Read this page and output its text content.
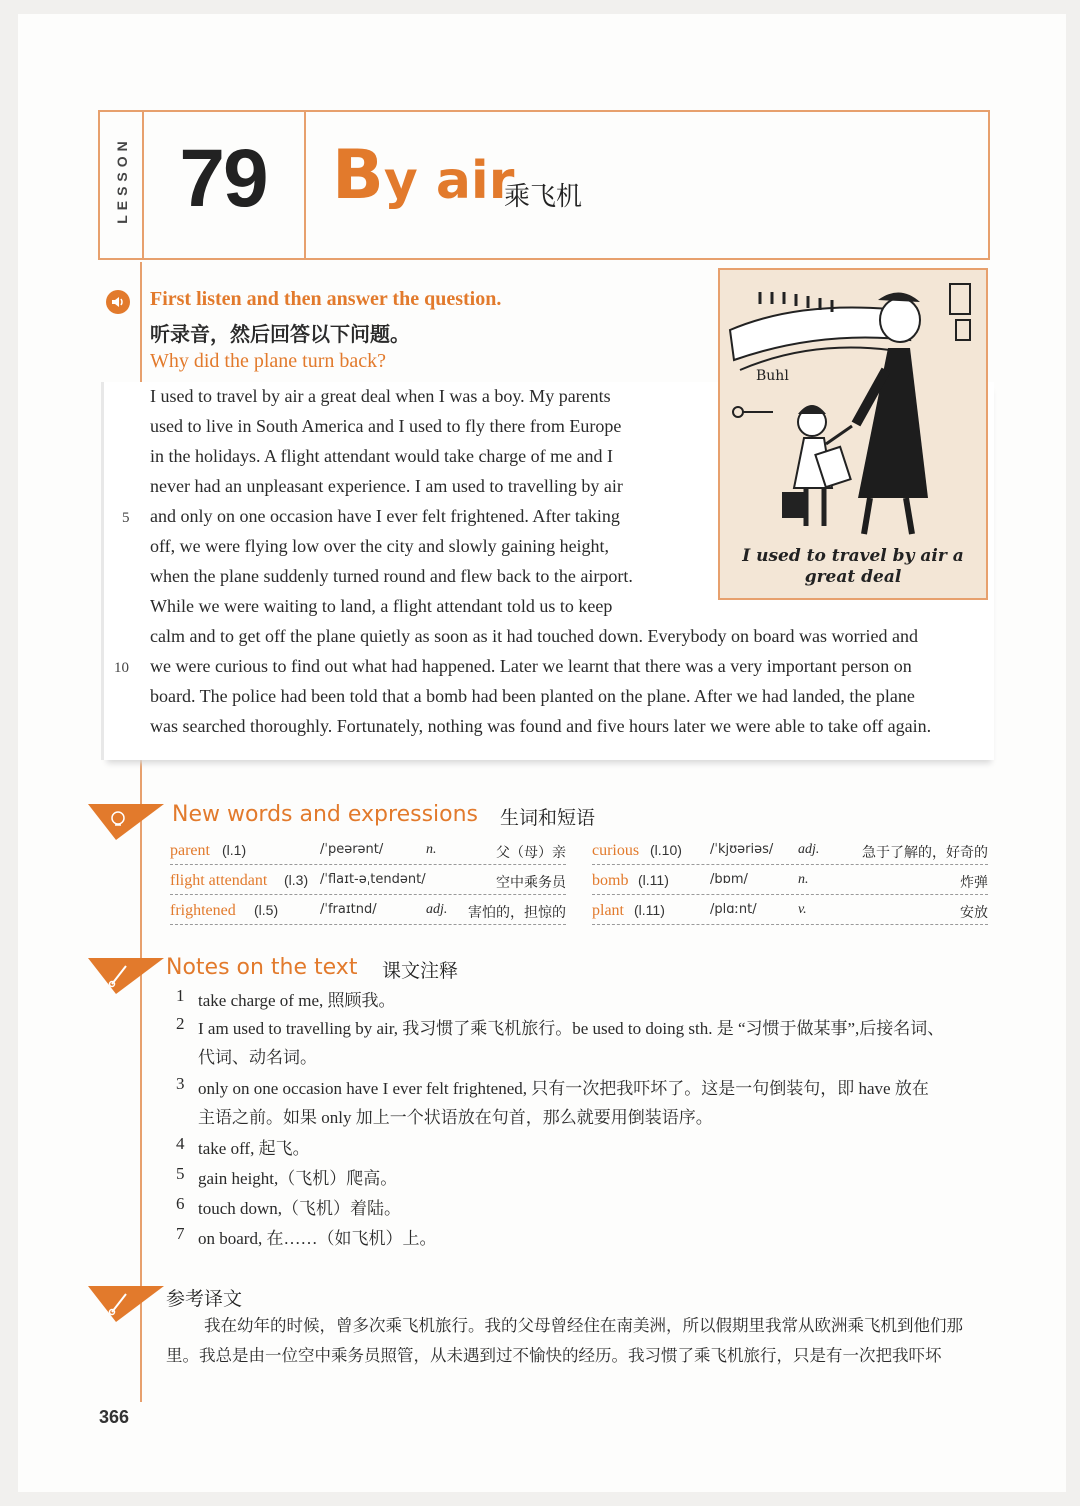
LESSON 79 By air
乘飞机
First listen and then answer the question.
听录音，然后回答以下问题。
Why did the plane turn back?
I used to travel by air a great deal when I was a boy. My parents
used to live in South America and I used to fly there from Europe
in the holidays. A flight attendant would take charge of me and I
never had an unpleasant experience. I am used to travelling by air
and only on one occasion have I ever felt frightened. After taking
off, we were flying low over the city and slowly gaining height,
when the plane suddenly turned round and flew back to the airport.
While we were waiting to land, a flight attendant told us to keep
calm and to get off the plane quietly as soon as it had touched down. Everybody on board was worried and
we were curious to find out what had happened. Later we learnt that there was a very important person on
board. The police had been told that a bomb had been planted on the plane. After we had landed, the plane
was searched thoroughly. Fortunately, nothing was found and five hours later we were able to take off again.
5
10
Buhl
I used to travel by air a
great deal
New words and expressions 生词和短语
parent (l.1)	/ˈpeərənt/	n.	父（母）亲
flight attendant (l.3) /ˈflaɪt-əˌtendənt/	空中乘务员
frightened (l.5)	/ˈfraɪtnd/	adj. 害怕的，担惊的
curious (l.10) /ˈkjʊəriəs/ adj.	急于了解的，好奇的
bomb (l.11)	/bɒm/	n.	炸弹
plant (l.11)	/plɑːnt/	v.	安放
Notes on the text 课文注释
1 take charge of me, 照顾我。
2 I am used to travelling by air, 我习惯了乘飞机旅行。be used to doing sth. 是 “习惯于做某事”,后接名词、
代词、动名词。
3 only on one occasion have I ever felt frightened, 只有一次把我吓坏了。这是一句倒装句，即 have 放在
主语之前。如果 only 加上一个状语放在句首，那么就要用倒装语序。
4 take off, 起飞。
5 gain height,（飞机）爬高。
6 touch down,（飞机）着陆。
7 on board, 在……（如飞机）上。
参考译文
我在幼年的时候，曾多次乘飞机旅行。我的父母曾经住在南美洲，所以假期里我常从欧洲乘飞机到他们那
里。我总是由一位空中乘务员照管，从未遇到过不愉快的经历。我习惯了乘飞机旅行，只是有一次把我吓坏
366
